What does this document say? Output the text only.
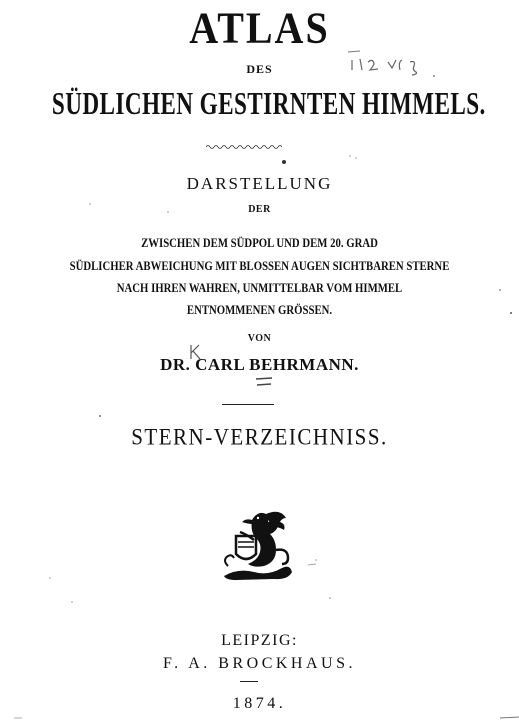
ATLAS
DES
SÜDLICHEN GESTIRNTEN HIMMELS.
DARSTELLUNG
DER
ZWISCHEN DEM SÜDPOL UND DEM 20. GRAD
SÜDLICHER ABWEICHUNG MIT BLOSSEN AUGEN SICHTBAREN STERNE
NACH IHREN WAHREN, UNMITTELBAR VOM HIMMEL
ENTNOMMENEN GRÖSSEN.
VON
DR. CARL BEHRMANN.
STERN-VERZEICHNISS.
LEIPZIG:
F. A. BROCKHAUS.
1874.
